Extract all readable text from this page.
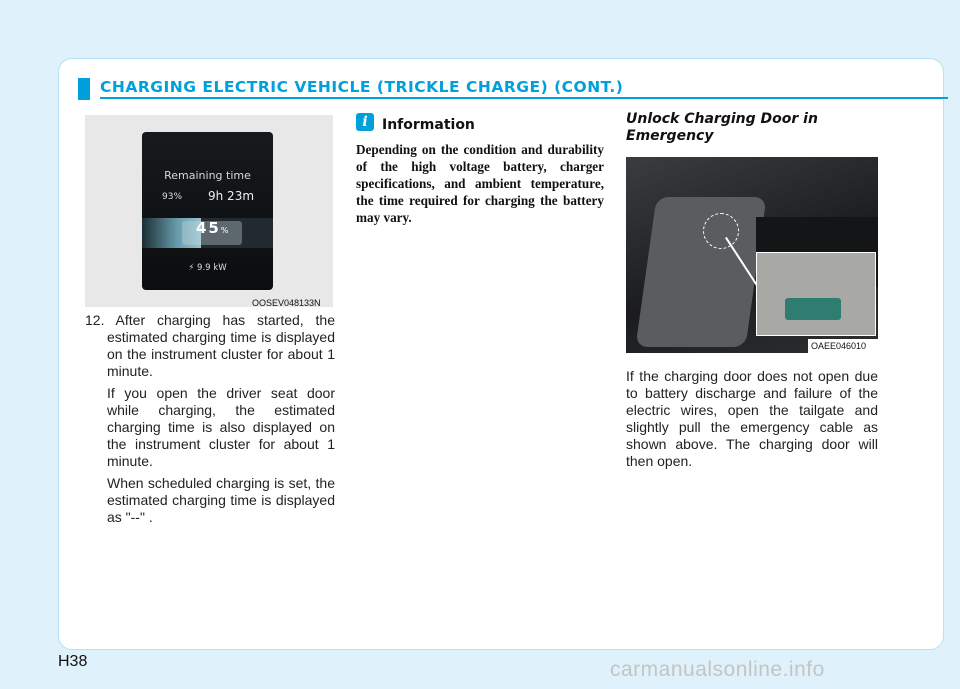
CHARGING ELECTRIC VEHICLE (TRICKLE CHARGE) (CONT.)
Remaining time
93% 9h 23m
45%
⚡ 9.9 kW
OOSEV048133N

12. After charging has started, the estimated charging time is displayed on the instrument cluster for about 1 minute.

If you open the driver seat door while charging, the estimated charging time is also displayed on the instrument cluster for about 1 minute.

When scheduled charging is set, the estimated charging time is displayed as "--" .

i	Information
Depending on the condition and durability of the high voltage battery, charger specifications, and ambient temperature, the time required for charging the battery may vary.
Unlock Charging Door in Emergency
OAEE046010
If the charging door does not open due to battery discharge and failure of the electric wires, open the tailgate and slightly pull the emergency cable as shown above. The charging door will then open.
H38	carmanualsonline.info
